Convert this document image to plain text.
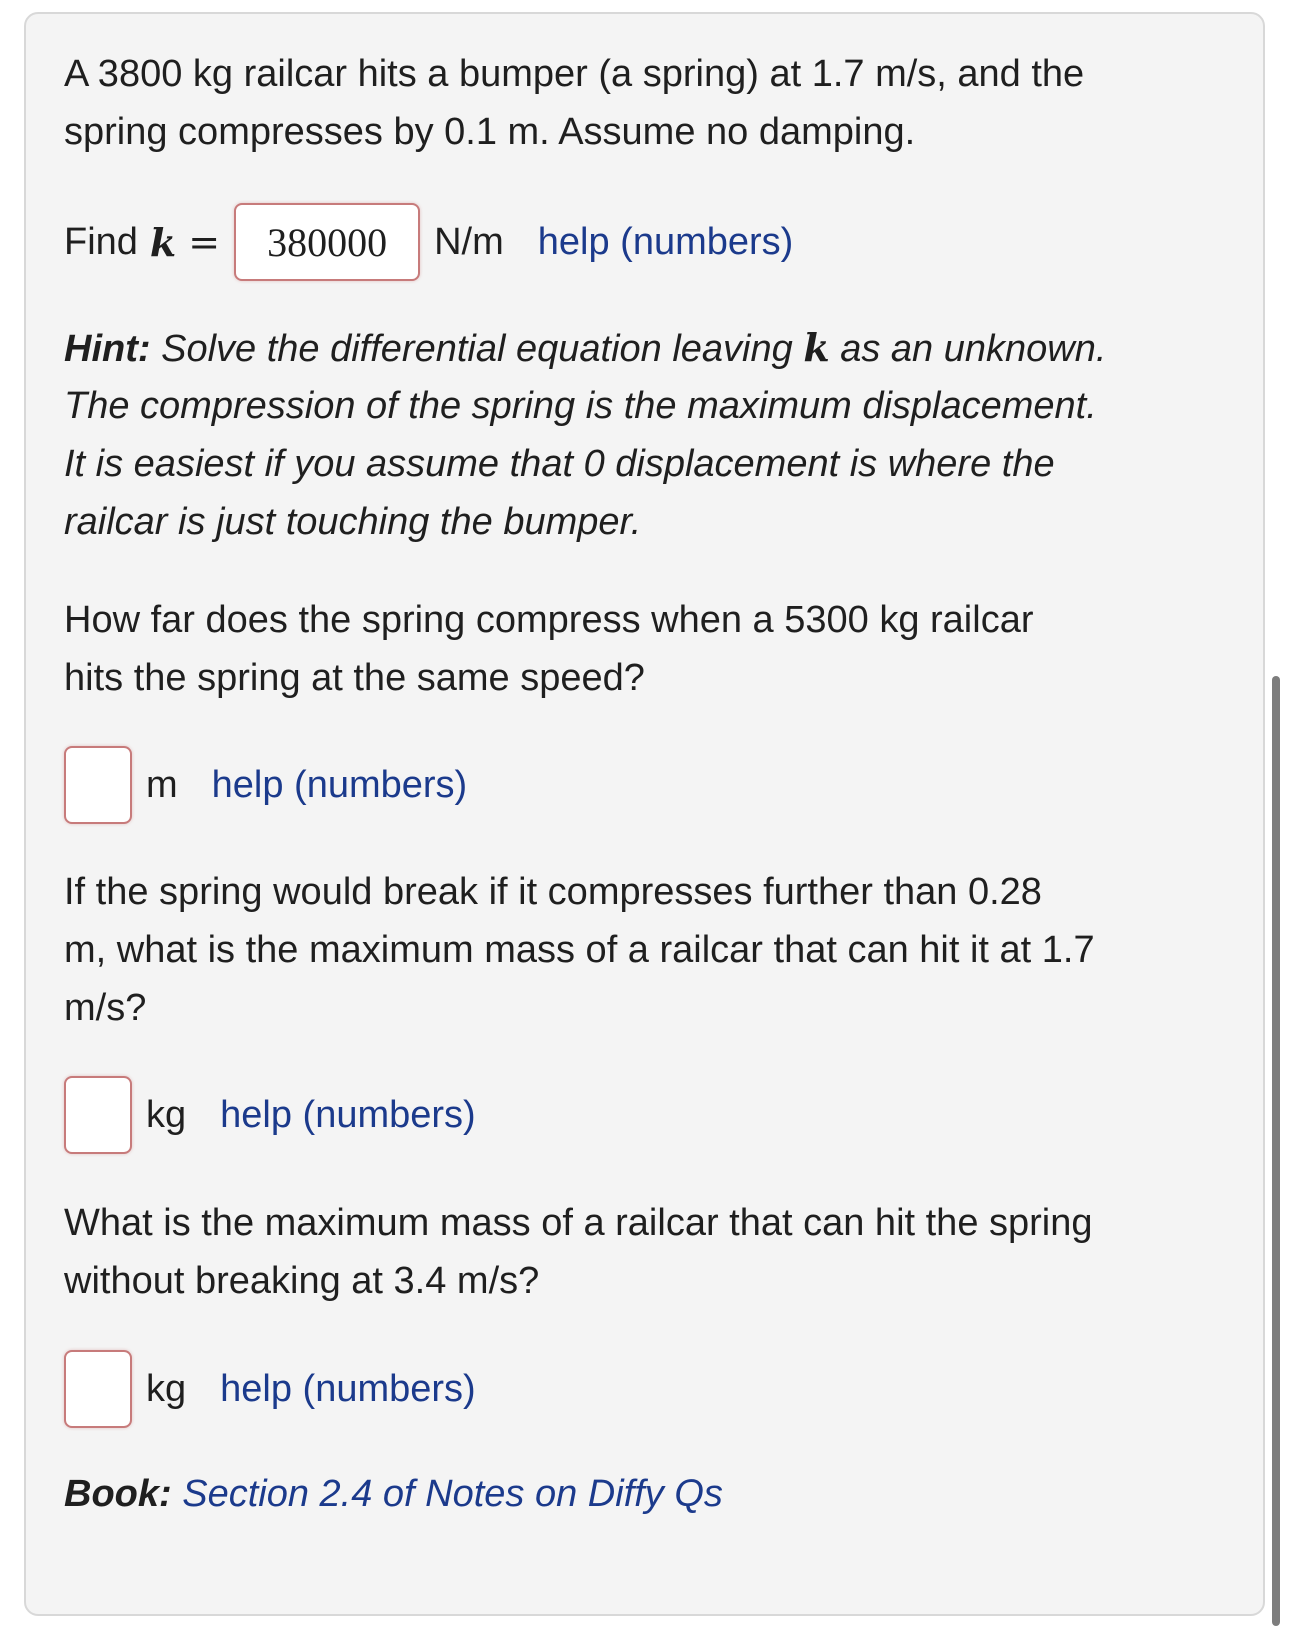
A 3800 kg railcar hits a bumper (a spring) at 1.7 m/s, and the

spring compresses by 0.1 m. Assume no damping.

Find k =	380000	N/m help (numbers)

Hint: Solve the differential equation leaving k as an unknown.

The compression of the spring is the maximum displacement.

It is easiest if you assume that 0 displacement is where the

railcar is just touching the bumper.

How far does the spring compress when a 5300 kg railcar

hits the spring at the same speed?

m help (numbers)

If the spring would break if it compresses further than 0.28

m, what is the maximum mass of a railcar that can hit it at 1.7

m/s?

kg help (numbers)

What is the maximum mass of a railcar that can hit the spring

without breaking at 3.4 m/s?

kg help (numbers)

Book: Section 2.4 of Notes on Diffy Qs
